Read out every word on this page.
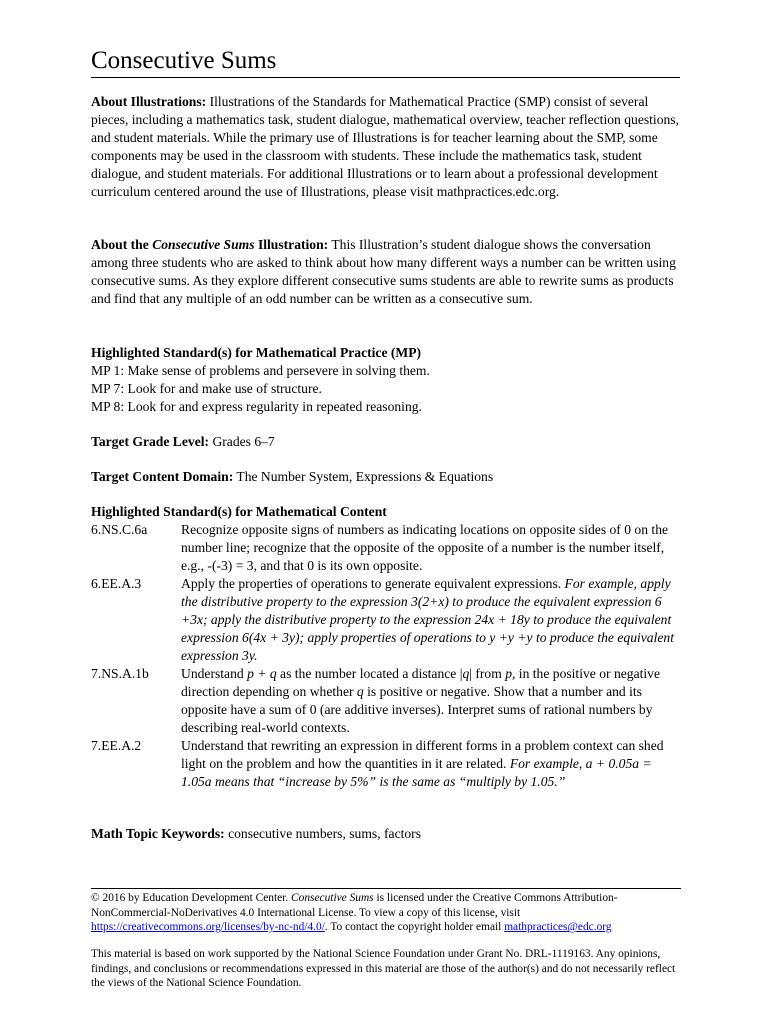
Consecutive Sums

About Illustrations: Illustrations of the Standards for Mathematical Practice (SMP) consist of several pieces, including a mathematics task, student dialogue, mathematical overview, teacher reflection questions, and student materials. While the primary use of Illustrations is for teacher learning about the SMP, some components may be used in the classroom with students. These include the mathematics task, student dialogue, and student materials. For additional Illustrations or to learn about a professional development curriculum centered around the use of Illustrations, please visit mathpractices.edc.org.

About the Consecutive Sums Illustration: This Illustration’s student dialogue shows the conversation among three students who are asked to think about how many different ways a number can be written using consecutive sums. As they explore different consecutive sums students are able to rewrite sums as products and find that any multiple of an odd number can be written as a consecutive sum.

Highlighted Standard(s) for Mathematical Practice (MP)

MP 1: Make sense of problems and persevere in solving them.

MP 7: Look for and make use of structure.

MP 8: Look for and express regularity in repeated reasoning.

Target Grade Level: Grades 6–7

Target Content Domain: The Number System, Expressions & Equations

Highlighted Standard(s) for Mathematical Content

6.NS.C.6a	Recognize opposite signs of numbers as indicating locations on opposite sides of 0 on the number line; recognize that the opposite of the opposite of a number is the number itself, e.g., -(-3) = 3, and that 0 is its own opposite.
6.EE.A.3	Apply the properties of operations to generate equivalent expressions. For example, apply the distributive property to the expression 3(2+x) to produce the equivalent expression 6 +3x; apply the distributive property to the expression 24x + 18y to produce the equivalent expression 6(4x + 3y); apply properties of operations to y +y +y to produce the equivalent expression 3y.
7.NS.A.1b	Understand p + q as the number located a distance |q| from p, in the positive or negative direction depending on whether q is positive or negative. Show that a number and its opposite have a sum of 0 (are additive inverses). Interpret sums of rational numbers by describing real-world contexts.
7.EE.A.2	Understand that rewriting an expression in different forms in a problem context can shed light on the problem and how the quantities in it are related. For example, a + 0.05a = 1.05a means that “increase by 5%” is the same as “multiply by 1.05.”

Math Topic Keywords: consecutive numbers, sums, factors

© 2016 by Education Development Center. Consecutive Sums is licensed under the Creative Commons Attribution-NonCommercial-NoDerivatives 4.0 International License. To view a copy of this license, visit https://creativecommons.org/licenses/by-nc-nd/4.0/. To contact the copyright holder email mathpractices@edc.org

This material is based on work supported by the National Science Foundation under Grant No. DRL-1119163. Any opinions, findings, and conclusions or recommendations expressed in this material are those of the author(s) and do not necessarily reflect the views of the National Science Foundation.
